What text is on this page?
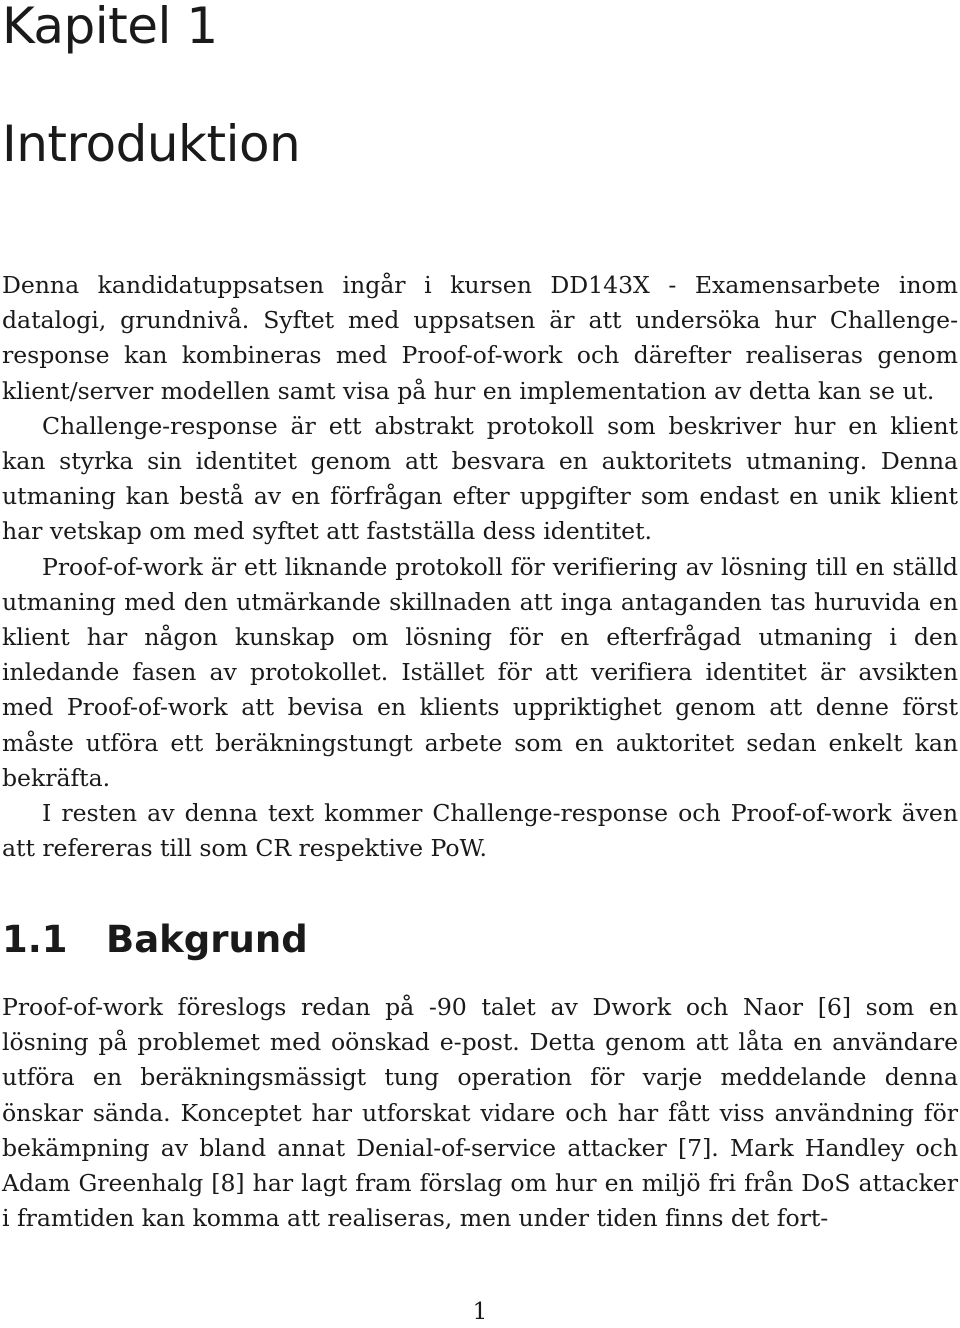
Kapitel 1
Introduktion

Denna kandidatuppsatsen ingår i kursen DD143X - Examensarbete inom datalogi, grundnivå. Syftet med uppsatsen är att undersöka hur Challenge-response kan kombineras med Proof-of-work och därefter realiseras genom klient/server modellen samt visa på hur en implementation av detta kan se ut.

Challenge-response är ett abstrakt protokoll som beskriver hur en klient kan styrka sin identitet genom att besvara en auktoritets utmaning. Denna utmaning kan bestå av en förfrågan efter uppgifter som endast en unik klient har vetskap om med syftet att fastställa dess identitet.

Proof-of-work är ett liknande protokoll för verifiering av lösning till en ställd utmaning med den utmärkande skillnaden att inga antaganden tas huruvida en klient har någon kunskap om lösning för en efterfrågad utmaning i den inledande fasen av protokollet. Istället för att verifiera identitet är avsikten med Proof-of-work att bevisa en klients uppriktighet genom att denne först måste utföra ett beräkningstungt arbete som en auktoritet sedan enkelt kan bekräfta.

I resten av denna text kommer Challenge-response och Proof-of-work även att refereras till som CR respektive PoW.

1.1 Bakgrund

Proof-of-work föreslogs redan på -90 talet av Dwork och Naor [6] som en lösning på problemet med oönskad e-post. Detta genom att låta en användare utföra en beräkningsmässigt tung operation för varje meddelande denna önskar sända. Konceptet har utforskat vidare och har fått viss användning för bekämpning av bland annat Denial-of-service attacker [7]. Mark Handley och Adam Greenhalg [8] har lagt fram förslag om hur en miljö fri från DoS attacker i framtiden kan komma att realiseras, men under tiden finns det fort-

1
